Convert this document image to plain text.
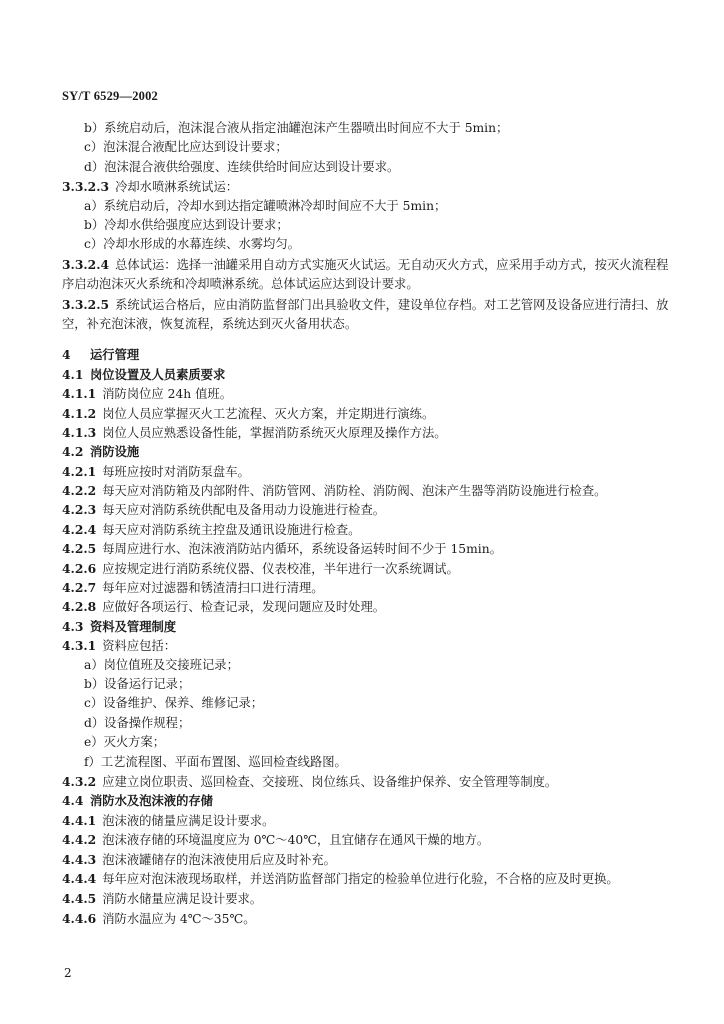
SY/T 6529—2002
b）系统启动后，泡沫混合液从指定油罐泡沫产生器喷出时间应不大于 5min；
c）泡沫混合液配比应达到设计要求；
d）泡沫混合液供给强度、连续供给时间应达到设计要求。
3.3.2.3 冷却水喷淋系统试运：
a）系统启动后，冷却水到达指定罐喷淋冷却时间应不大于 5min；
b）冷却水供给强度应达到设计要求；
c）冷却水形成的水幕连续、水雾均匀。
3.3.2.4 总体试运：选择一油罐采用自动方式实施灭火试运。无自动灭火方式，应采用手动方式，按灭火流程程序启动泡沫灭火系统和冷却喷淋系统。总体试运应达到设计要求。
3.3.2.5 系统试运合格后，应由消防监督部门出具验收文件，建设单位存档。对工艺管网及设备应进行清扫、放空，补充泡沫液，恢复流程，系统达到灭火备用状态。
4 运行管理
4.1 岗位设置及人员素质要求
4.1.1 消防岗位应 24h 值班。
4.1.2 岗位人员应掌握灭火工艺流程、灭火方案，并定期进行演练。
4.1.3 岗位人员应熟悉设备性能，掌握消防系统灭火原理及操作方法。
4.2 消防设施
4.2.1 每班应按时对消防泵盘车。
4.2.2 每天应对消防箱及内部附件、消防管网、消防栓、消防阀、泡沫产生器等消防设施进行检查。
4.2.3 每天应对消防系统供配电及备用动力设施进行检查。
4.2.4 每天应对消防系统主控盘及通讯设施进行检查。
4.2.5 每周应进行水、泡沫液消防站内循环，系统设备运转时间不少于 15min。
4.2.6 应按规定进行消防系统仪器、仪表校准，半年进行一次系统调试。
4.2.7 每年应对过滤器和锈渣清扫口进行清理。
4.2.8 应做好各项运行、检查记录，发现问题应及时处理。
4.3 资料及管理制度
4.3.1 资料应包括：
a）岗位值班及交接班记录；
b）设备运行记录；
c）设备维护、保养、维修记录；
d）设备操作规程；
e）灭火方案；
f）工艺流程图、平面布置图、巡回检查线路图。
4.3.2 应建立岗位职责、巡回检查、交接班、岗位练兵、设备维护保养、安全管理等制度。
4.4 消防水及泡沫液的存储
4.4.1 泡沫液的储量应满足设计要求。
4.4.2 泡沫液存储的环境温度应为 0℃～40℃，且宜储存在通风干燥的地方。
4.4.3 泡沫液罐储存的泡沫液使用后应及时补充。
4.4.4 每年应对泡沫液现场取样，并送消防监督部门指定的检验单位进行化验，不合格的应及时更换。
4.4.5 消防水储量应满足设计要求。
4.4.6 消防水温应为 4℃～35℃。
2
